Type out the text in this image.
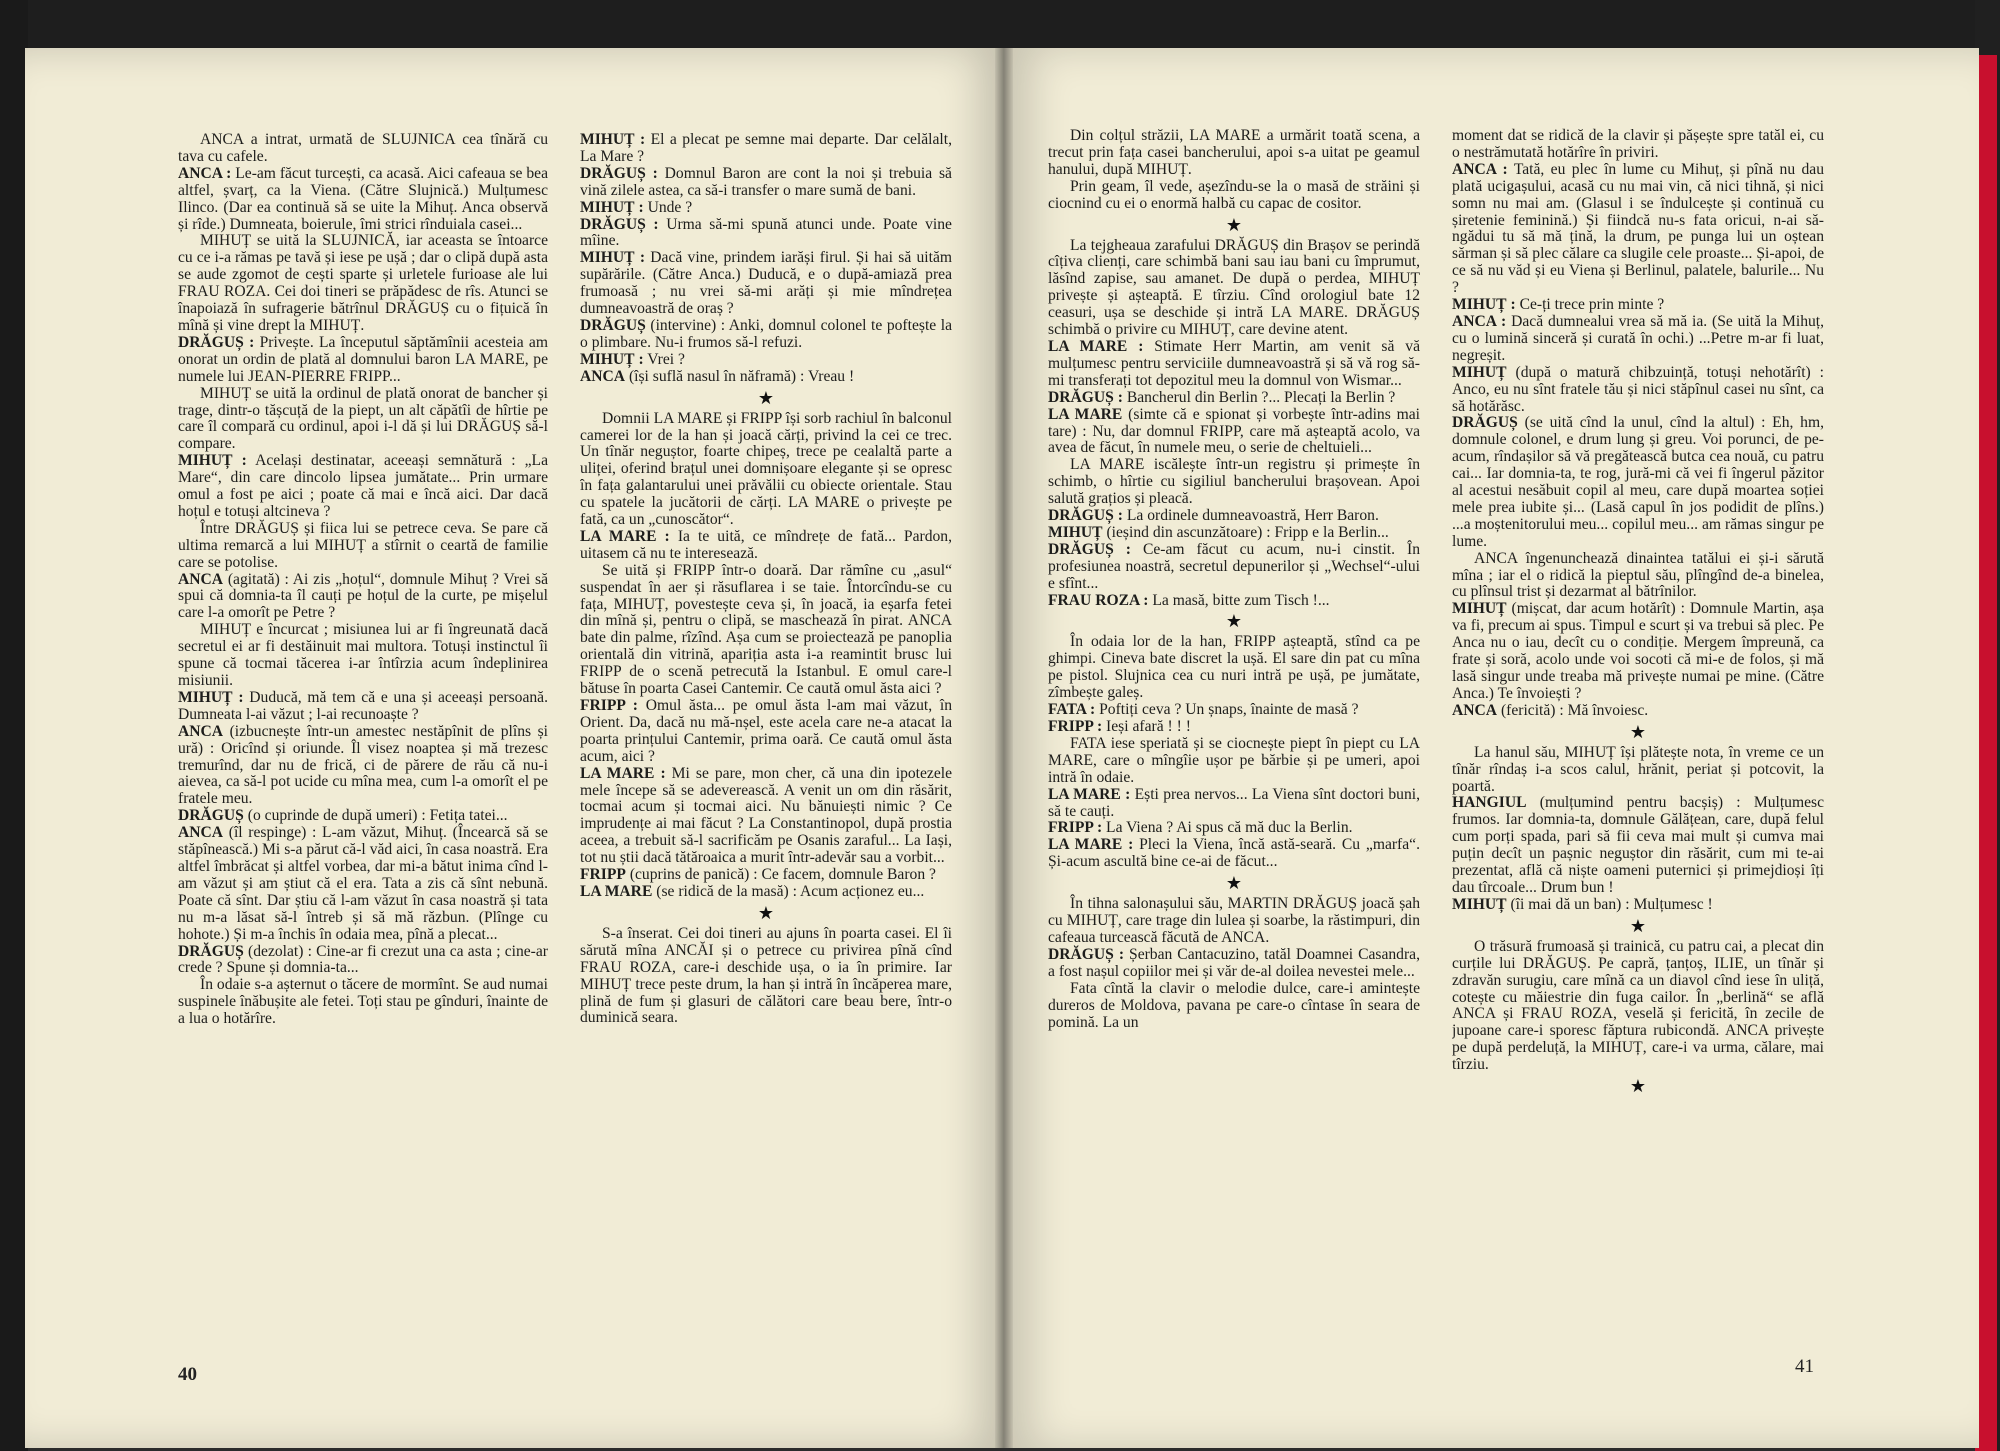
ANCA a intrat, urmată de SLUJNICA cea tînără cu tava cu cafele.

ANCA : Le-am făcut turcești, ca acasă. Aici cafeaua se bea altfel, șvarț, ca la Viena. (Către Slujnică.) Mulțumesc Ilinco. (Dar ea continuă să se uite la Mihuț. Anca observă și rîde.) Dumneata, boierule, îmi strici rînduiala casei...

MIHUȚ se uită la SLUJNICĂ, iar aceasta se întoarce cu ce i-a rămas pe tavă și iese pe ușă ; dar o clipă după asta se aude zgomot de cești sparte și urletele furioase ale lui FRAU ROZA. Cei doi tineri se prăpădesc de rîs. Atunci se înapoiază în sufragerie bătrînul DRĂGUȘ cu o fițuică în mînă și vine drept la MIHUȚ.

DRĂGUȘ : Privește. La începutul săptămînii acesteia am onorat un ordin de plată al domnului baron LA MARE, pe numele lui JEAN-PIERRE FRIPP...

MIHUȚ se uită la ordinul de plată onorat de bancher și trage, dintr-o tășcuță de la piept, un alt căpătîi de hîrtie pe care îl compară cu ordinul, apoi i-l dă și lui DRĂGUȘ să-l compare.

MIHUȚ : Același destinatar, aceeași semnătură : „La Mare“, din care dincolo lipsea jumătate... Prin urmare omul a fost pe aici ; poate că mai e încă aici. Dar dacă hoțul e totuși altcineva ?

Între DRĂGUȘ și fiica lui se petrece ceva. Se pare că ultima remarcă a lui MIHUȚ a stîrnit o ceartă de familie care se potolise.

ANCA (agitată) : Ai zis „hoțul“, domnule Mihuț ? Vrei să spui că domnia-ta îl cauți pe hoțul de la curte, pe mișelul care l-a omorît pe Petre ?

MIHUȚ e încurcat ; misiunea lui ar fi îngreunată dacă secretul ei ar fi destăinuit mai multora. Totuși instinctul îi spune că tocmai tăcerea i-ar întîrzia acum îndeplinirea misiunii.

MIHUȚ : Duducă, mă tem că e una și aceeași persoană. Dumneata l-ai văzut ; l-ai recunoaște ?

ANCA (izbucnește într-un amestec nestăpînit de plîns și ură) : Oricînd și oriunde. Îl visez noaptea și mă trezesc tremurînd, dar nu de frică, ci de părere de rău că nu-i aievea, ca să-l pot ucide cu mîna mea, cum l-a omorît el pe fratele meu.

DRĂGUȘ (o cuprinde de după umeri) : Fetița tatei...

ANCA (îl respinge) : L-am văzut, Mihuț. (Încearcă să se stăpînească.) Mi s-a părut că-l văd aici, în casa noastră. Era altfel îmbrăcat și altfel vorbea, dar mi-a bătut inima cînd l-am văzut și am știut că el era. Tata a zis că sînt nebună. Poate că sînt. Dar știu că l-am văzut în casa noastră și tata nu m-a lăsat să-l întreb și să mă răzbun. (Plînge cu hohote.) Și m-a închis în odaia mea, pînă a plecat...

DRĂGUȘ (dezolat) : Cine-ar fi crezut una ca asta ; cine-ar crede ? Spune și domnia-ta...

În odaie s-a așternut o tăcere de mormînt. Se aud numai suspinele înăbușite ale fetei. Toți stau pe gînduri, înainte de a lua o hotărîre.

MIHUȚ : El a plecat pe semne mai departe. Dar celălalt, La Mare ?

DRĂGUȘ : Domnul Baron are cont la noi și trebuia să vină zilele astea, ca să-i transfer o mare sumă de bani.

MIHUȚ : Unde ?

DRĂGUȘ : Urma să-mi spună atunci unde. Poate vine mîine.

MIHUȚ : Dacă vine, prindem iarăși firul. Și hai să uităm supărările. (Către Anca.) Duducă, e o după-amiază prea frumoasă ; nu vrei să-mi arăți și mie mîndrețea dumneavoastră de oraș ?

DRĂGUȘ (intervine) : Anki, domnul colonel te poftește la o plimbare. Nu-i frumos să-l refuzi.

MIHUȚ : Vrei ?

ANCA (își suflă nasul în năframă) : Vreau !

★

Domnii LA MARE și FRIPP își sorb rachiul în balconul camerei lor de la han și joacă cărți, privind la cei ce trec. Un tînăr neguștor, foarte chipeș, trece pe cealaltă parte a uliței, oferind brațul unei domnișoare elegante și se opresc în fața galantarului unei prăvălii cu obiecte orientale. Stau cu spatele la jucătorii de cărți. LA MARE o privește pe fată, ca un „cunoscător“.

LA MARE : Ia te uită, ce mîndrețe de fată... Pardon, uitasem că nu te interesează.

Se uită și FRIPP într-o doară. Dar rămîne cu „asul“ suspendat în aer și răsuflarea i se taie. Întorcîndu-se cu fața, MIHUȚ, povestește ceva și, în joacă, ia eșarfa fetei din mînă și, pentru o clipă, se maschează în pirat. ANCA bate din palme, rîzînd. Așa cum se proiectează pe panoplia orientală din vitrină, apariția asta i-a reamintit brusc lui FRIPP de o scenă petrecută la Istanbul. E omul care-l bătuse în poarta Casei Cantemir. Ce caută omul ăsta aici ?

FRIPP : Omul ăsta... pe omul ăsta l-am mai văzut, în Orient. Da, dacă nu mă-nșel, este acela care ne-a atacat la poarta prințului Cantemir, prima oară. Ce caută omul ăsta acum, aici ?

LA MARE : Mi se pare, mon cher, că una din ipotezele mele începe să se adeverească. A venit un om din răsărit, tocmai acum și tocmai aici. Nu bănuiești nimic ? Ce imprudențe ai mai făcut ? La Constantinopol, după prostia aceea, a trebuit să-l sacrificăm pe Osanis zaraful... La Iași, tot nu știi dacă tătăroaica a murit într-adevăr sau a vorbit...

FRIPP (cuprins de panică) : Ce facem, domnule Baron ?

LA MARE (se ridică de la masă) : Acum acționez eu...

★

S-a înserat. Cei doi tineri au ajuns în poarta casei. El îi sărută mîna ANCĂI și o petrece cu privirea pînă cînd FRAU ROZA, care-i deschide ușa, o ia în primire. Iar MIHUȚ trece peste drum, la han și intră în încăperea mare, plină de fum și glasuri de călători care beau bere, într-o duminică seara.

Din colțul străzii, LA MARE a urmărit toată scena, a trecut prin fața casei bancherului, apoi s-a uitat pe geamul hanului, după MIHUȚ.

Prin geam, îl vede, așezîndu-se la o masă de străini și ciocnind cu ei o enormă halbă cu capac de cositor.

★

La tejgheaua zarafului DRĂGUȘ din Brașov se perindă cîțiva clienți, care schimbă bani sau iau bani cu împrumut, lăsînd zapise, sau amanet. De după o perdea, MIHUȚ privește și așteaptă. E tîrziu. Cînd orologiul bate 12 ceasuri, ușa se deschide și intră LA MARE. DRĂGUȘ schimbă o privire cu MIHUȚ, care devine atent.

LA MARE : Stimate Herr Martin, am venit să vă mulțumesc pentru serviciile dumneavoastră și să vă rog să-mi transferați tot depozitul meu la domnul von Wismar...

DRĂGUȘ : Bancherul din Berlin ?... Plecați la Berlin ?

LA MARE (simte că e spionat și vorbește într-adins mai tare) : Nu, dar domnul FRIPP, care mă așteaptă acolo, va avea de făcut, în numele meu, o serie de cheltuieli...

LA MARE iscălește într-un registru și primește în schimb, o hîrtie cu sigiliul bancherului brașovean. Apoi salută grațios și pleacă.

DRĂGUȘ : La ordinele dumneavoastră, Herr Baron.

MIHUȚ (ieșind din ascunzătoare) : Fripp e la Berlin...

DRĂGUȘ : Ce-am făcut cu acum, nu-i cinstit. În profesiunea noastră, secretul depunerilor și „Wechsel“-ului e sfînt...

FRAU ROZA : La masă, bitte zum Tisch !...

★

În odaia lor de la han, FRIPP așteaptă, stînd ca pe ghimpi. Cineva bate discret la ușă. El sare din pat cu mîna pe pistol. Slujnica cea cu nuri intră pe ușă, pe jumătate, zîmbește galeș.

FATA : Poftiți ceva ? Un șnaps, înainte de masă ?

FRIPP : Ieși afară ! ! !

FATA iese speriată și se ciocnește piept în piept cu LA MARE, care o mîngîie ușor pe bărbie și pe umeri, apoi intră în odaie.

LA MARE : Ești prea nervos... La Viena sînt doctori buni, să te cauți.

FRIPP : La Viena ? Ai spus că mă duc la Berlin.

LA MARE : Pleci la Viena, încă astă-seară. Cu „marfa“. Și-acum ascultă bine ce-ai de făcut...

★

În tihna salonașului său, MARTIN DRĂGUȘ joacă șah cu MIHUȚ, care trage din lulea și soarbe, la răstimpuri, din cafeaua turcească făcută de ANCA.

DRĂGUȘ : Șerban Cantacuzino, tatăl Doamnei Casandra, a fost nașul copiilor mei și văr de-al doilea nevestei mele...

Fata cîntă la clavir o melodie dulce, care-i amintește dureros de Moldova, pavana pe care-o cîntase în seara de pomină. La un

moment dat se ridică de la clavir și pășește spre tatăl ei, cu o nestrămutată hotărîre în priviri.

ANCA : Tată, eu plec în lume cu Mihuț, și pînă nu dau plată ucigașului, acasă cu nu mai vin, că nici tihnă, și nici somn nu mai am. (Glasul i se îndulcește și continuă cu șiretenie feminină.) Și fiindcă nu-s fata oricui, n-ai să-ngădui tu să mă țină, la drum, pe punga lui un oștean sărman și să plec călare ca slugile cele proaste... Și-apoi, de ce să nu văd și eu Viena și Berlinul, palatele, balurile... Nu ?

MIHUȚ : Ce-ți trece prin minte ?

ANCA : Dacă dumnealui vrea să mă ia. (Se uită la Mihuț, cu o lumină sinceră și curată în ochi.) ...Petre m-ar fi luat, negreșit.

MIHUȚ (după o matură chibzuință, totuși nehotărît) : Anco, eu nu sînt fratele tău și nici stăpînul casei nu sînt, ca să hotărăsc.

DRĂGUȘ (se uită cînd la unul, cînd la altul) : Eh, hm, domnule colonel, e drum lung și greu. Voi porunci, de pe-acum, rîndașilor să vă pregătească butca cea nouă, cu patru cai... Iar domnia-ta, te rog, jură-mi că vei fi îngerul păzitor al acestui nesăbuit copil al meu, care după moartea soției mele prea iubite și... (Lasă capul în jos podidit de plîns.) ...a moștenitorului meu... copilul meu... am rămas singur pe lume.

ANCA îngenunchează dinaintea tatălui ei și-i sărută mîna ; iar el o ridică la pieptul său, plîngînd de-a binelea, cu plînsul trist și dezarmat al bătrînilor.

MIHUȚ (mișcat, dar acum hotărît) : Domnule Martin, așa va fi, precum ai spus. Timpul e scurt și va trebui să plec. Pe Anca nu o iau, decît cu o condiție. Mergem împreună, ca frate și soră, acolo unde voi socoti că mi-e de folos, și mă lasă singur unde treaba mă privește numai pe mine. (Către Anca.) Te învoiești ?

ANCA (fericită) : Mă învoiesc.

★

La hanul său, MIHUȚ își plătește nota, în vreme ce un tînăr rîndaș i-a scos calul, hrănit, periat și potcovit, la poartă.

HANGIUL (mulțumind pentru bacșiș) : Mulțumesc frumos. Iar domnia-ta, domnule Gălățean, care, după felul cum porți spada, pari să fii ceva mai mult și cumva mai puțin decît un pașnic neguștor din răsărit, cum mi te-ai prezentat, află că niște oameni puternici și primejdioși îți dau tîrcoale... Drum bun !

MIHUȚ (îi mai dă un ban) : Mulțumesc !

★

O trăsură frumoasă și trainică, cu patru cai, a plecat din curțile lui DRĂGUȘ. Pe capră, țanțoș, ILIE, un tînăr și zdravăn surugiu, care mînă ca un diavol cînd iese în uliță, cotește cu măiestrie din fuga cailor. În „berlină“ se află ANCA și FRAU ROZA, veselă și fericită, în zecile de jupoane care-i sporesc făptura rubicondă. ANCA privește pe după perdeluță, la MIHUȚ, care-i va urma, călare, mai tîrziu.

★
40	41
